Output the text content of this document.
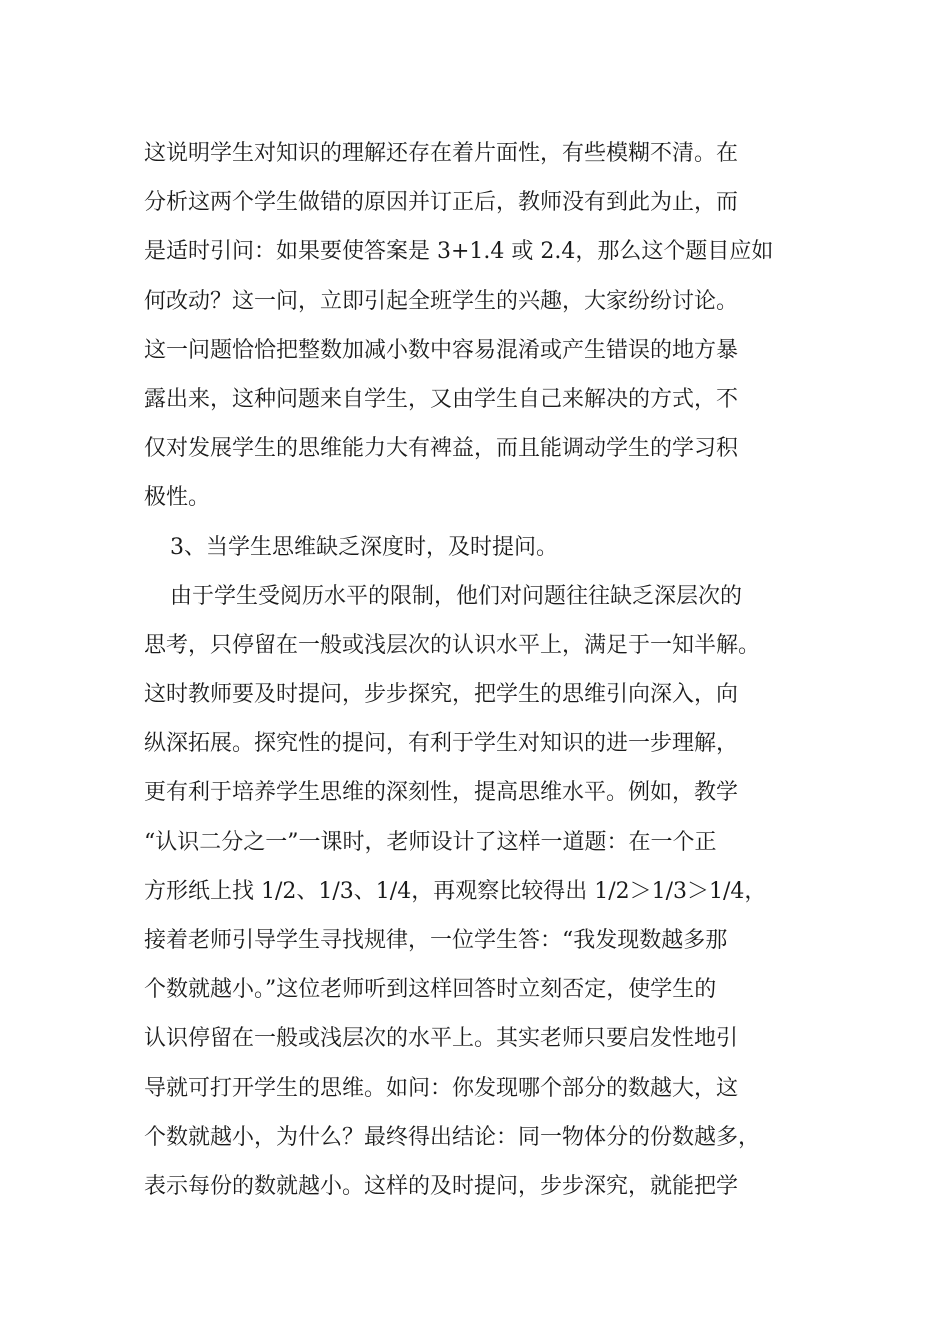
这说明学生对知识的理解还存在着片面性，有些模糊不清。在
分析这两个学生做错的原因并订正后，教师没有到此为止，而
是适时引问：如果要使答案是 3+1.4 或 2.4，那么这个题目应如
何改动？这一问，立即引起全班学生的兴趣，大家纷纷讨论。
这一问题恰恰把整数加减小数中容易混淆或产生错误的地方暴
露出来，这种问题来自学生，又由学生自己来解决的方式，不
仅对发展学生的思维能力大有裨益，而且能调动学生的学习积
极性。
3、当学生思维缺乏深度时，及时提问。
由于学生受阅历水平的限制，他们对问题往往缺乏深层次的
思考，只停留在一般或浅层次的认识水平上，满足于一知半解。
这时教师要及时提问，步步探究，把学生的思维引向深入，向
纵深拓展。探究性的提问，有利于学生对知识的进一步理解，
更有利于培养学生思维的深刻性，提高思维水平。例如，教学
“认识二分之一”一课时，老师设计了这样一道题：在一个正
方形纸上找 1/2、1/3、1/4，再观察比较得出 1/2＞1/3＞1/4，
接着老师引导学生寻找规律，一位学生答：“我发现数越多那
个数就越小。”这位老师听到这样回答时立刻否定，使学生的
认识停留在一般或浅层次的水平上。其实老师只要启发性地引
导就可打开学生的思维。如问：你发现哪个部分的数越大，这
个数就越小，为什么？最终得出结论：同一物体分的份数越多，
表示每份的数就越小。这样的及时提问，步步深究，就能把学
